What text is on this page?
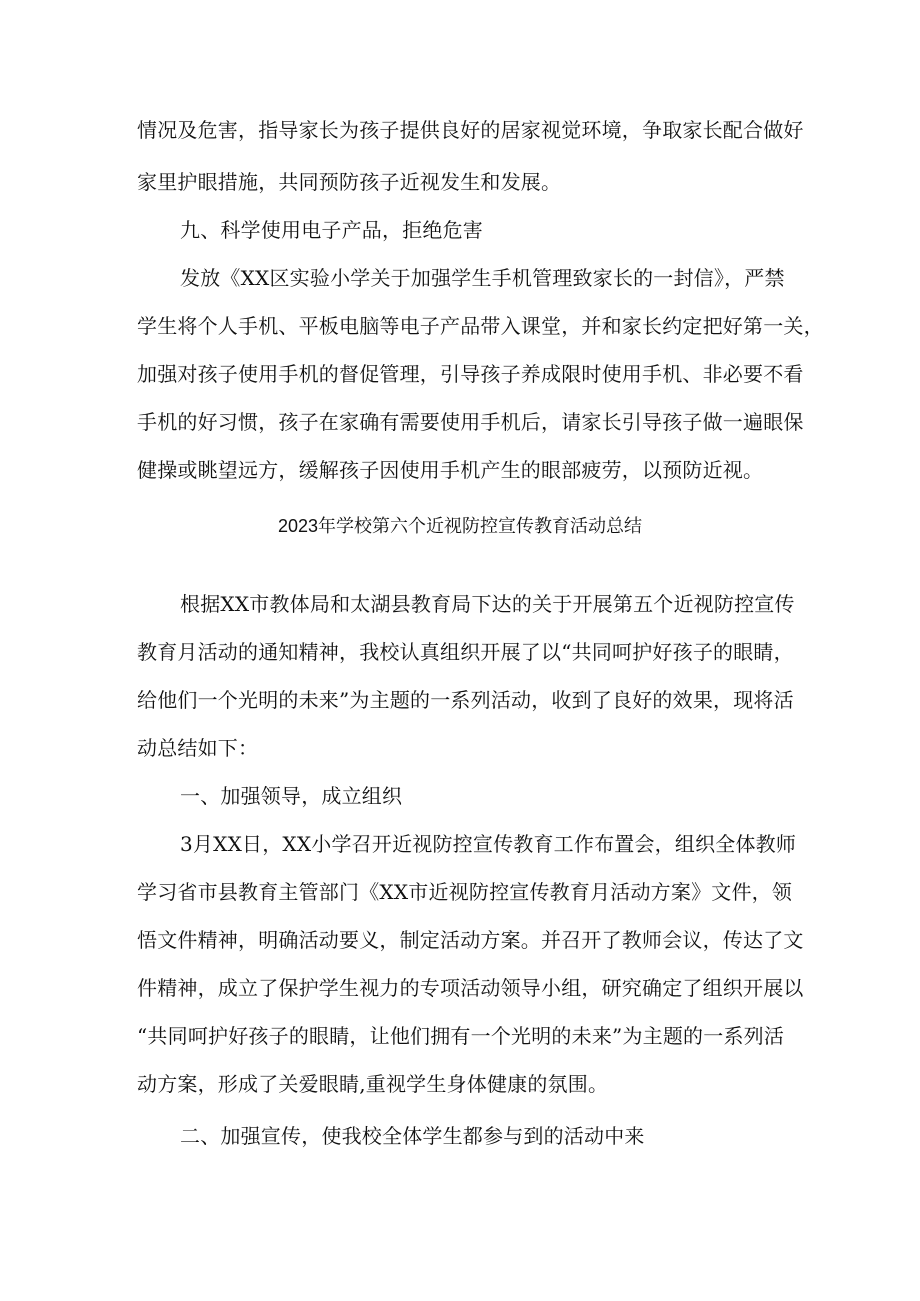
情况及危害，指导家长为孩子提供良好的居家视觉环境，争取家长配合做好
家里护眼措施，共同预防孩子近视发生和发展。
九、科学使用电子产品，拒绝危害
发放《XX区实验小学关于加强学生手机管理致家长的一封信》，严禁
学生将个人手机、平板电脑等电子产品带入课堂，并和家长约定把好第一关，
加强对孩子使用手机的督促管理，引导孩子养成限时使用手机、非必要不看
手机的好习惯，孩子在家确有需要使用手机后，请家长引导孩子做一遍眼保
健操或眺望远方，缓解孩子因使用手机产生的眼部疲劳，以预防近视。
2023年学校第六个近视防控宣传教育活动总结
根据XX市教体局和太湖县教育局下达的关于开展第五个近视防控宣传
教育月活动的通知精神，我校认真组织开展了以“共同呵护好孩子的眼睛，
给他们一个光明的未来”为主题的一系列活动，收到了良好的效果，现将活
动总结如下：
一、加强领导，成立组织
3月XX日，XX小学召开近视防控宣传教育工作布置会，组织全体教师
学习省市县教育主管部门《XX市近视防控宣传教育月活动方案》文件，领
悟文件精神，明确活动要义，制定活动方案。并召开了教师会议，传达了文
件精神，成立了保护学生视力的专项活动领导小组，研究确定了组织开展以
“共同呵护好孩子的眼睛，让他们拥有一个光明的未来”为主题的一系列活
动方案，形成了关爱眼睛,重视学生身体健康的氛围。
二、加强宣传，使我校全体学生都参与到的活动中来
